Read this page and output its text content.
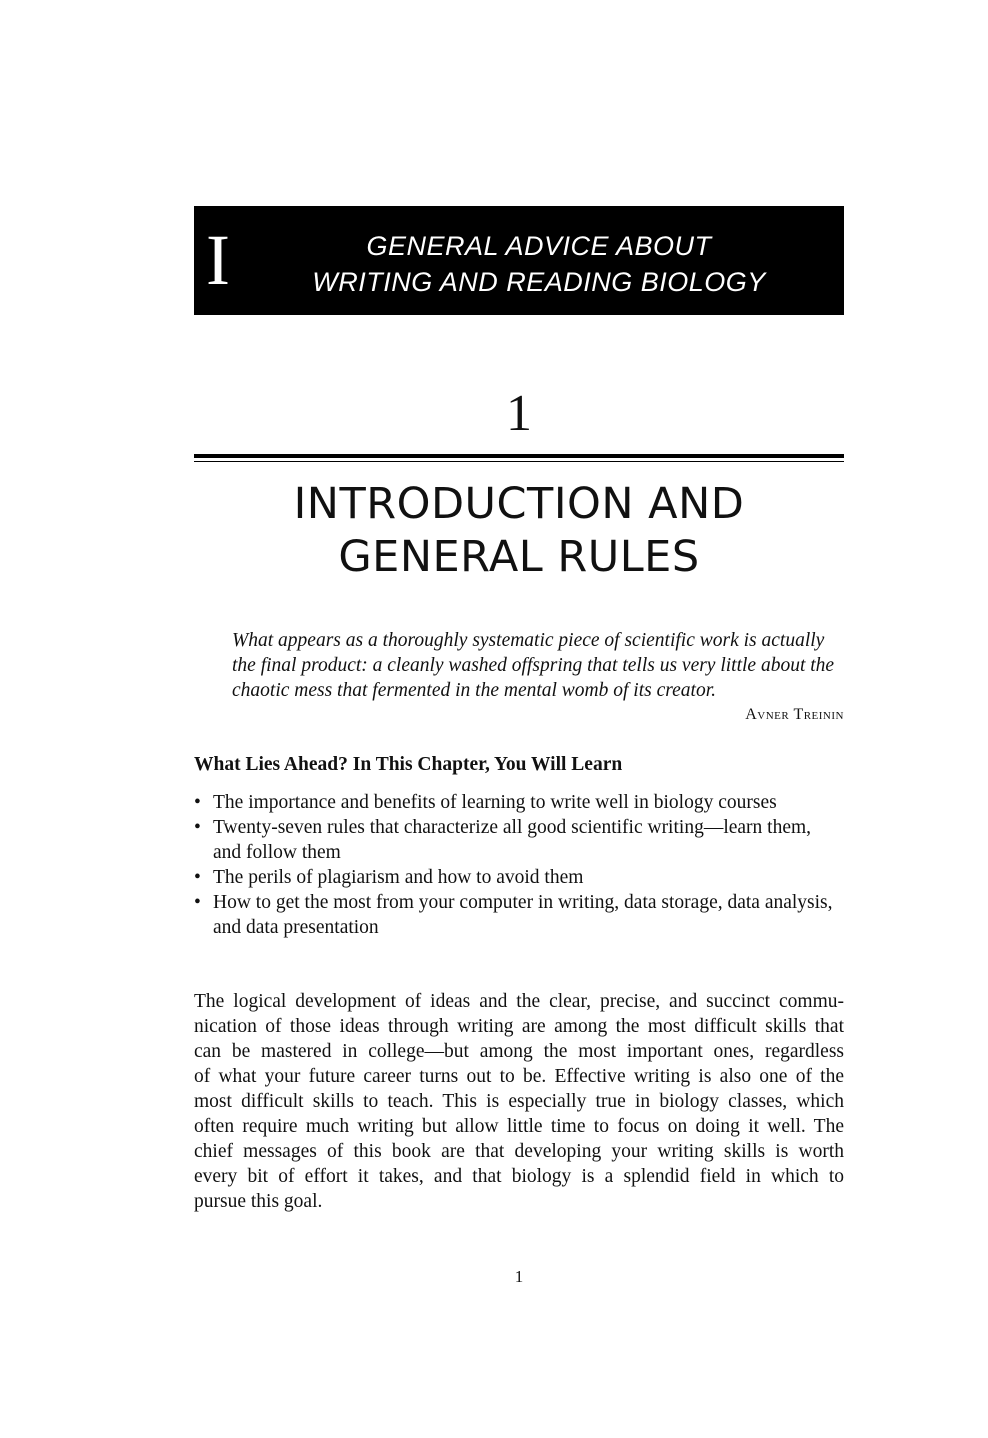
I	GENERAL ADVICE ABOUT
WRITING AND READING BIOLOGY
1
INTRODUCTION AND
GENERAL RULES
What appears as a thoroughly systematic piece of scientific work is actually
the final product: a cleanly washed offspring that tells us very little about the
chaotic mess that fermented in the mental womb of its creator.
Avner Treinin
What Lies Ahead? In This Chapter, You Will Learn
• The importance and benefits of learning to write well in biology courses
• Twenty-seven rules that characterize all good scientific writing—learn them,
and follow them
• The perils of plagiarism and how to avoid them
• How to get the most from your computer in writing, data storage, data analysis,
and data presentation

The logical development of ideas and the clear, precise, and succinct commu-
nication of those ideas through writing are among the most difficult skills that
can be mastered in college—but among the most important ones, regardless
of what your future career turns out to be. Effective writing is also one of the
most difficult skills to teach. This is especially true in biology classes, which
often require much writing but allow little time to focus on doing it well. The
chief messages of this book are that developing your writing skills is worth
every bit of effort it takes, and that biology is a splendid field in which to
pursue this goal.

1
